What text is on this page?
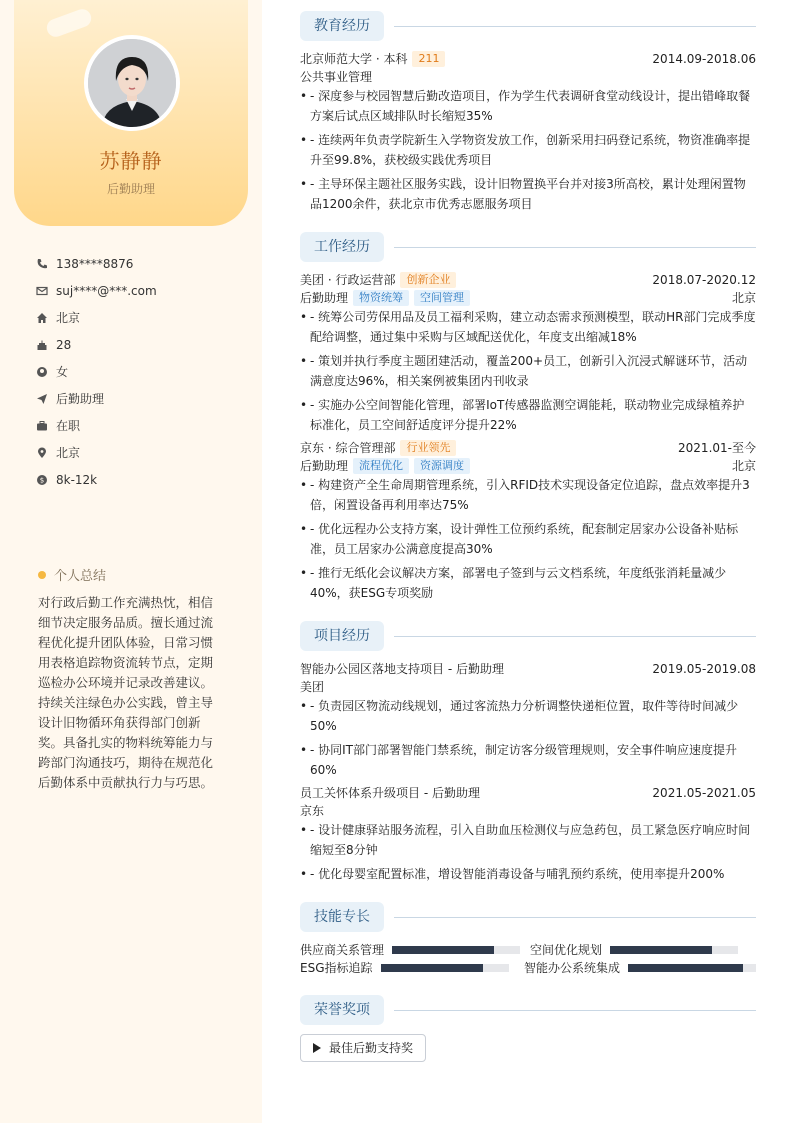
苏静静
后勤助理
138****8876
suj****@***.com
北京
28
女
后勤助理
在职
北京
$ 8k-12k
个人总结
对行政后勤工作充满热忱，相信细节决定服务品质。擅长通过流程优化提升团队体验，日常习惯用表格追踪物资流转节点，定期巡检办公环境并记录改善建议。持续关注绿色办公实践，曾主导设计旧物循环角获得部门创新奖。具备扎实的物料统筹能力与跨部门沟通技巧，期待在规范化后勤体系中贡献执行力与巧思。
教育经历
北京师范大学 · 本科 211	2014.09-2018.06
公共事业管理
• - 深度参与校园智慧后勤改造项目，作为学生代表调研食堂动线设计，提出错峰取餐方案后试点区域排队时长缩短35%
• - 连续两年负责学院新生入学物资发放工作，创新采用扫码登记系统，物资准确率提升至99.8%，获校级实践优秀项目
• - 主导环保主题社区服务实践，设计旧物置换平台并对接3所高校，累计处理闲置物品1200余件，获北京市优秀志愿服务项目
工作经历
美团 · 行政运营部 创新企业	2018.07-2020.12
后勤助理 物资统筹 空间管理	北京
• - 统筹公司劳保用品及员工福利采购，建立动态需求预测模型，联动HR部门完成季度配给调整，通过集中采购与区域配送优化，年度支出缩减18%
• - 策划并执行季度主题团建活动，覆盖200+员工，创新引入沉浸式解谜环节，活动满意度达96%，相关案例被集团内刊收录
• - 实施办公空间智能化管理，部署IoT传感器监测空调能耗，联动物业完成绿植养护标准化，员工空间舒适度评分提升22%
京东 · 综合管理部 行业领先	2021.01-至今
后勤助理 流程优化 资源调度	北京
• - 构建资产全生命周期管理系统，引入RFID技术实现设备定位追踪，盘点效率提升3倍，闲置设备再利用率达75%
• - 优化远程办公支持方案，设计弹性工位预约系统，配套制定居家办公设备补贴标准，员工居家办公满意度提高30%
• - 推行无纸化会议解决方案，部署电子签到与云文档系统，年度纸张消耗量减少40%，获ESG专项奖励
项目经历
智能办公园区落地支持项目 - 后勤助理	2019.05-2019.08
美团
• - 负责园区物流动线规划，通过客流热力分析调整快递柜位置，取件等待时间减少50%
• - 协同IT部门部署智能门禁系统，制定访客分级管理规则，安全事件响应速度提升60%
员工关怀体系升级项目 - 后勤助理	2021.05-2021.05
京东
• - 设计健康驿站服务流程，引入自助血压检测仪与应急药包，员工紧急医疗响应时间缩短至8分钟
• - 优化母婴室配置标准，增设智能消毒设备与哺乳预约系统，使用率提升200%
技能专长
供应商关系管理	空间优化规划
ESG指标追踪	智能办公系统集成
荣誉奖项
最佳后勤支持奖
